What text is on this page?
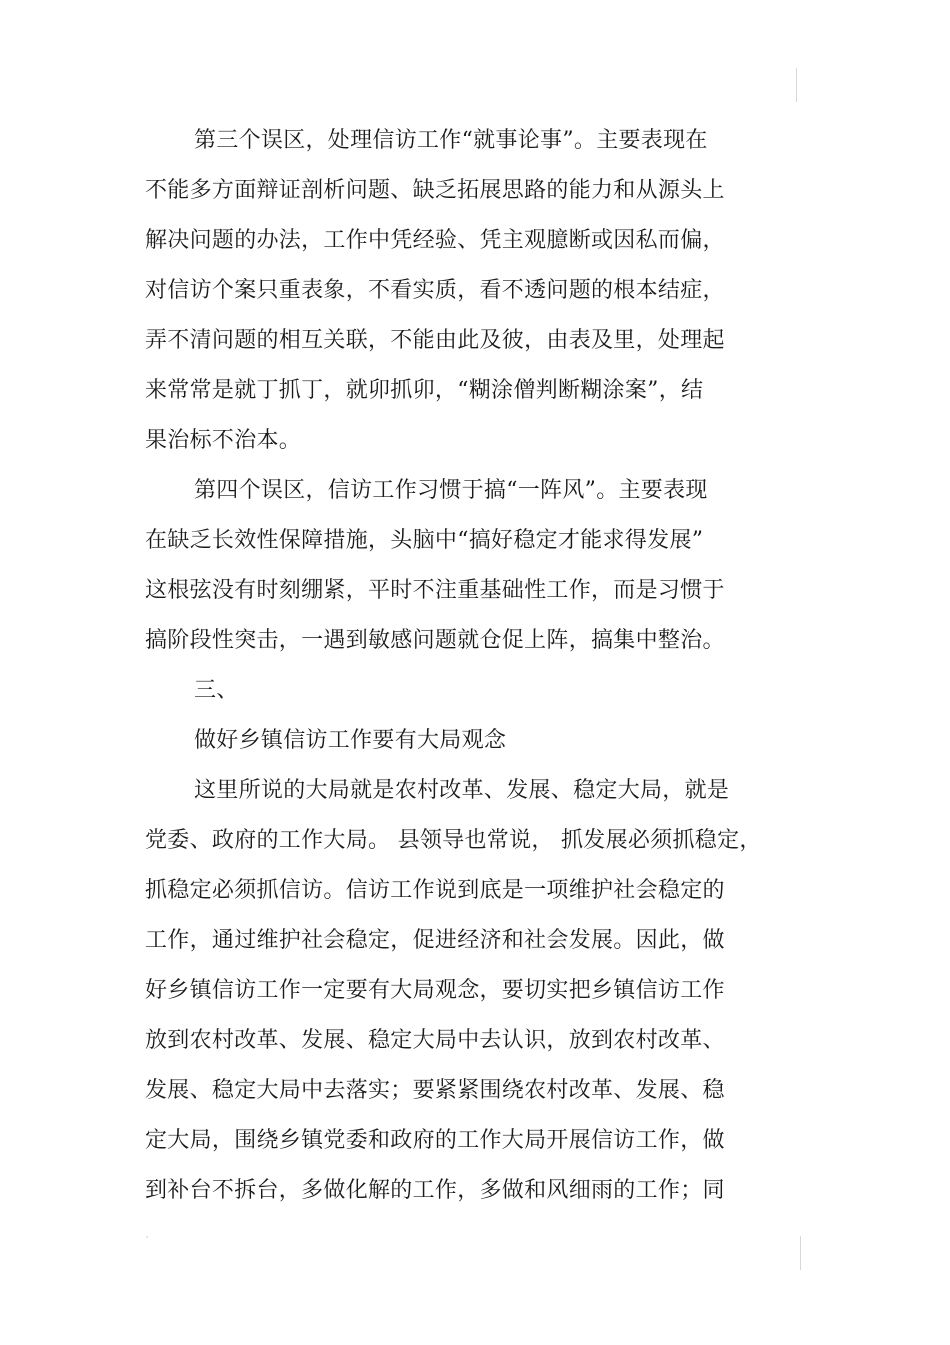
第三个误区，处理信访工作“就事论事”。主要表现在
不能多方面辩证剖析问题、缺乏拓展思路的能力和从源头上
解决问题的办法，工作中凭经验、凭主观臆断或因私而偏，
对信访个案只重表象，不看实质，看不透问题的根本结症，
弄不清问题的相互关联，不能由此及彼，由表及里，处理起
来常常是就丁抓丁，就卯抓卯，“糊涂僧判断糊涂案”，结
果治标不治本。
第四个误区，信访工作习惯于搞“一阵风”。主要表现
在缺乏长效性保障措施，头脑中“搞好稳定才能求得发展”
这根弦没有时刻绷紧，平时不注重基础性工作，而是习惯于
搞阶段性突击，一遇到敏感问题就仓促上阵，搞集中整治。
三、
做好乡镇信访工作要有大局观念
这里所说的大局就是农村改革、发展、稳定大局，就是
党委、政府的工作大局。 县领导也常说， 抓发展必须抓稳定，
抓稳定必须抓信访。信访工作说到底是一项维护社会稳定的
工作，通过维护社会稳定，促进经济和社会发展。因此，做
好乡镇信访工作一定要有大局观念，要切实把乡镇信访工作
放到农村改革、发展、稳定大局中去认识，放到农村改革、
发展、稳定大局中去落实；要紧紧围绕农村改革、发展、稳
定大局，围绕乡镇党委和政府的工作大局开展信访工作，做
到补台不拆台，多做化解的工作，多做和风细雨的工作；同
